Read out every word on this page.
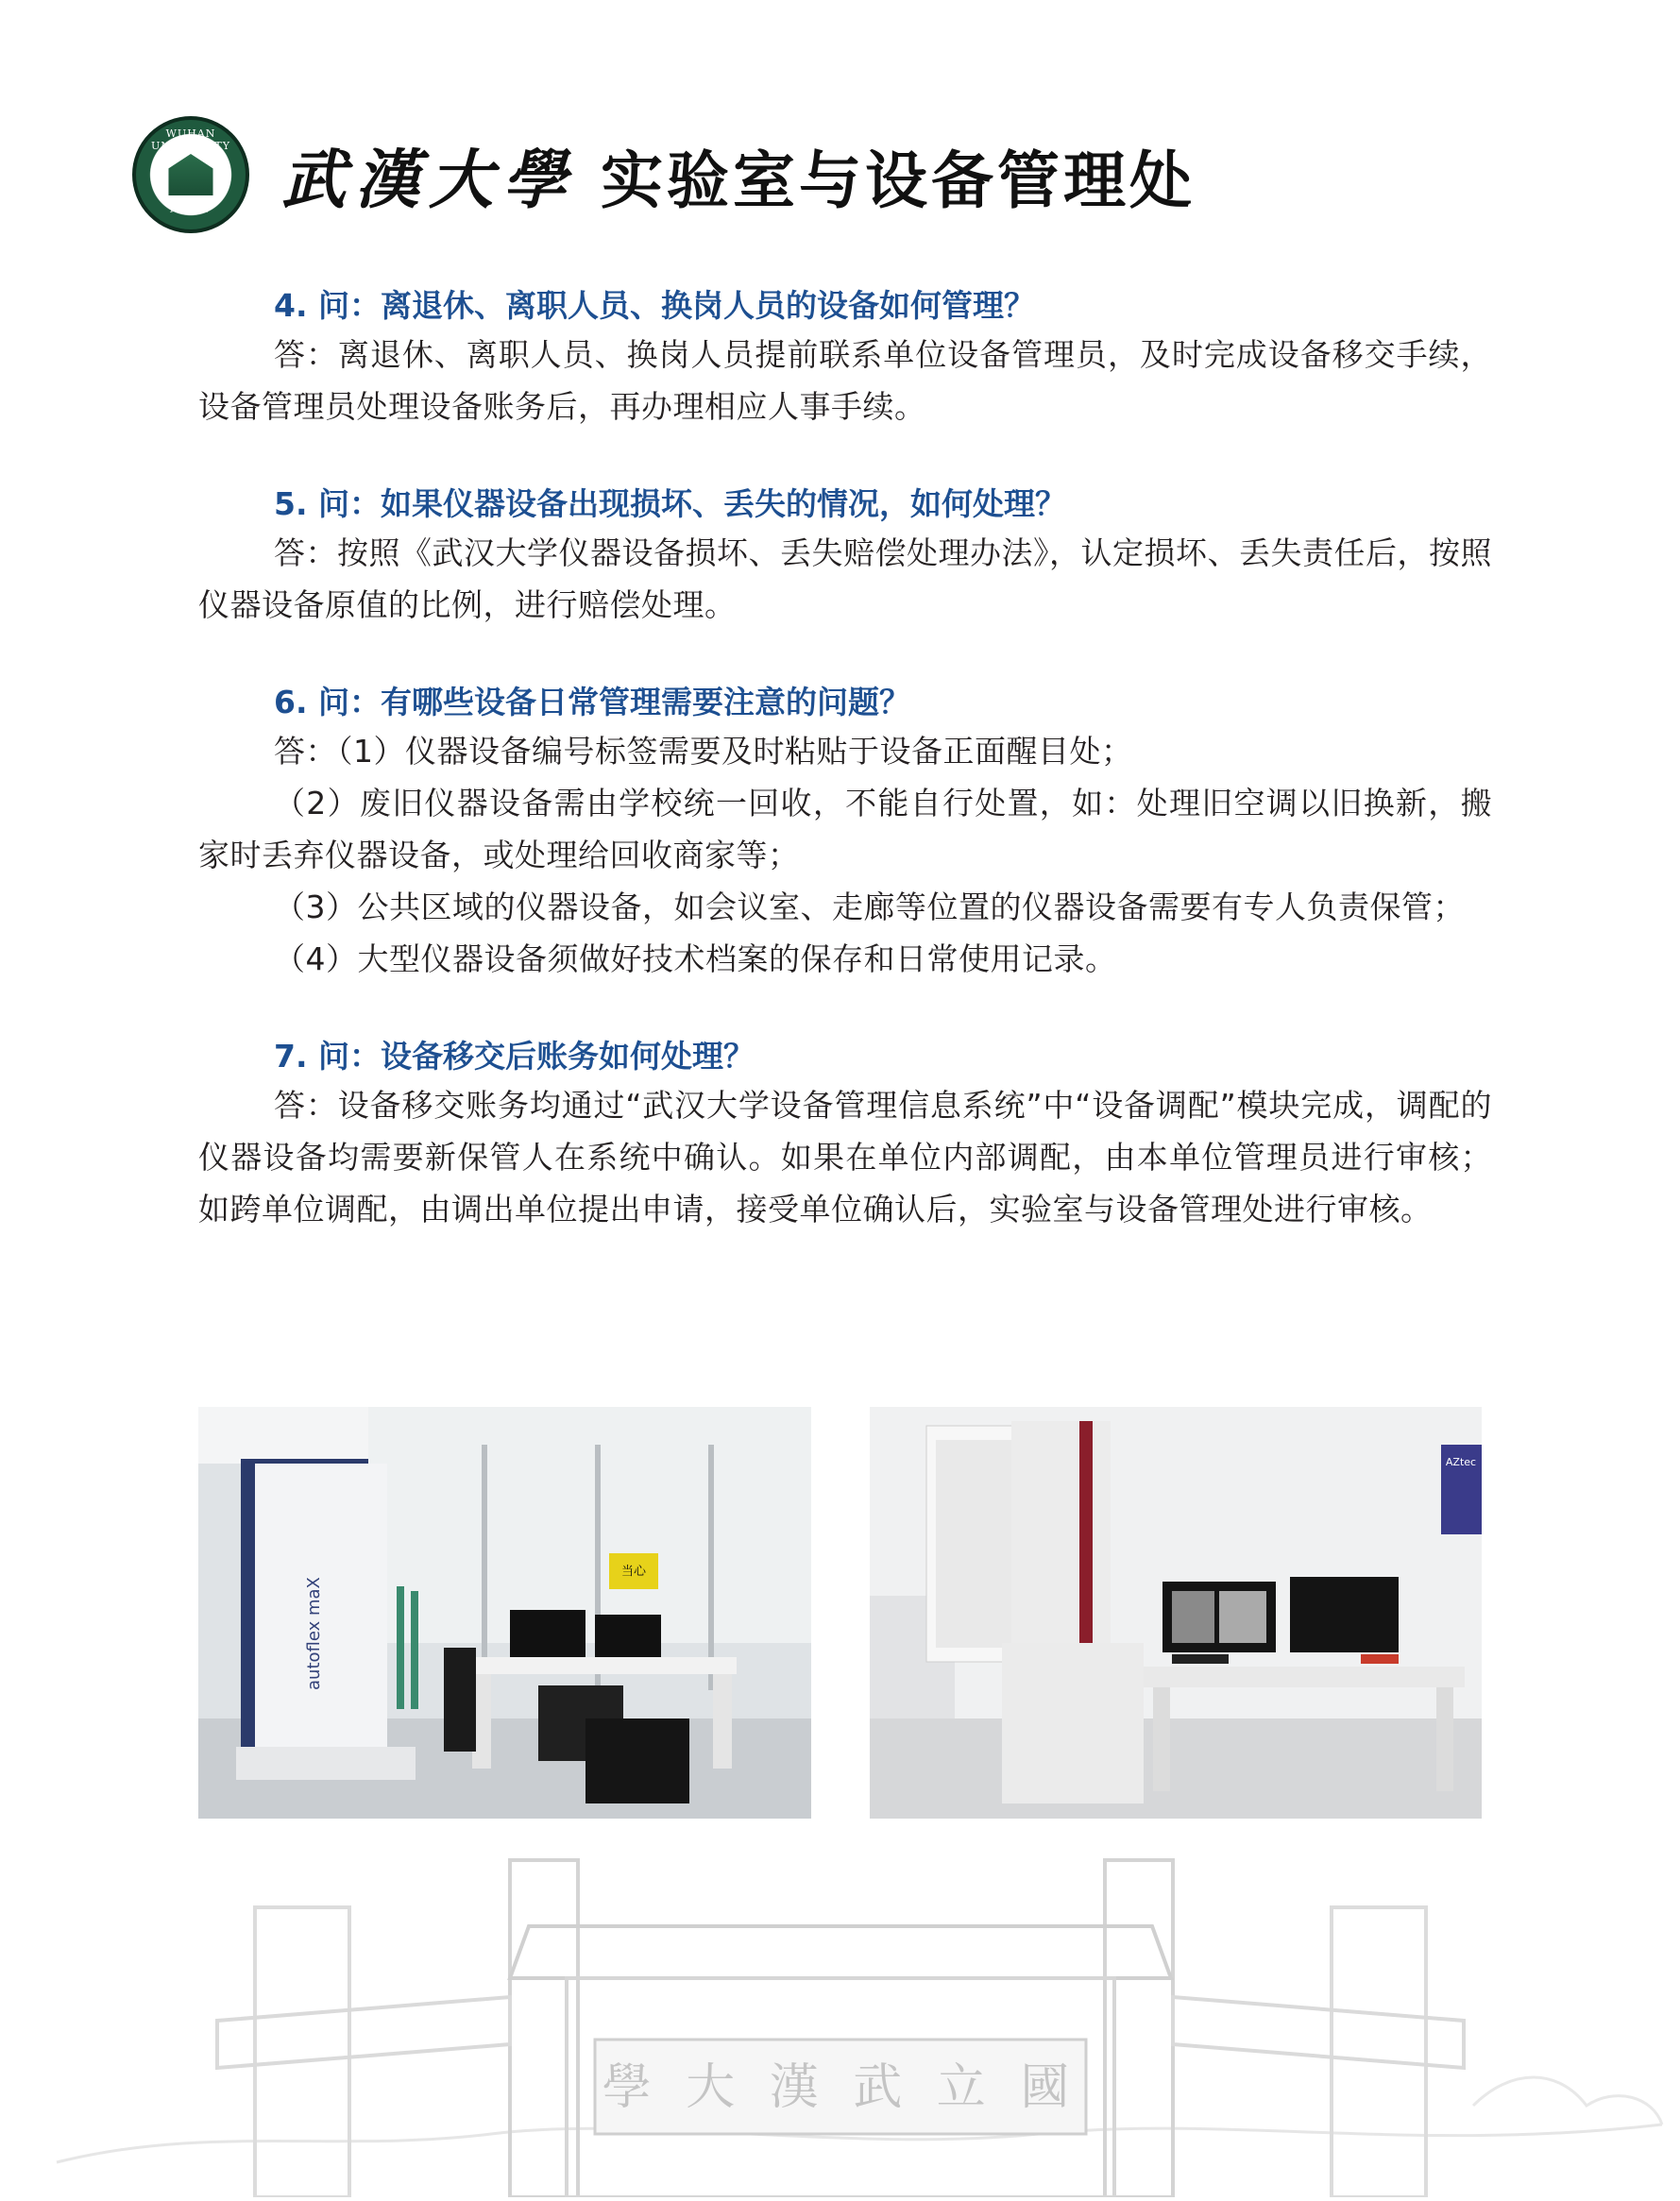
WUHAN UNIVERSITY
武 汉 大 学	武漢大學 实验室与设备管理处

4. 问：离退休、离职人员、换岗人员的设备如何管理？

答：离退休、离职人员、换岗人员提前联系单位设备管理员，及时完成设备移交手续，设备管理员处理设备账务后，再办理相应人事手续。

5. 问：如果仪器设备出现损坏、丢失的情况，如何处理？

答：按照《武汉大学仪器设备损坏、丢失赔偿处理办法》，认定损坏、丢失责任后，按照仪器设备原值的比例，进行赔偿处理。

6. 问：有哪些设备日常管理需要注意的问题？

答：（1）仪器设备编号标签需要及时粘贴于设备正面醒目处；

（2）废旧仪器设备需由学校统一回收，不能自行处置，如：处理旧空调以旧换新，搬家时丢弃仪器设备，或处理给回收商家等；

（3）公共区域的仪器设备，如会议室、走廊等位置的仪器设备需要有专人负责保管；

（4）大型仪器设备须做好技术档案的保存和日常使用记录。

7. 问：设备移交后账务如何处理？

答：设备移交账务均通过“武汉大学设备管理信息系统”中“设备调配”模块完成，调配的仪器设备均需要新保管人在系统中确认。如果在单位内部调配，由本单位管理员进行审核；如跨单位调配，由调出单位提出申请，接受单位确认后，实验室与设备管理处进行审核。

autoflex maX
当心
AZtec
學 大 漢 武 立 國
